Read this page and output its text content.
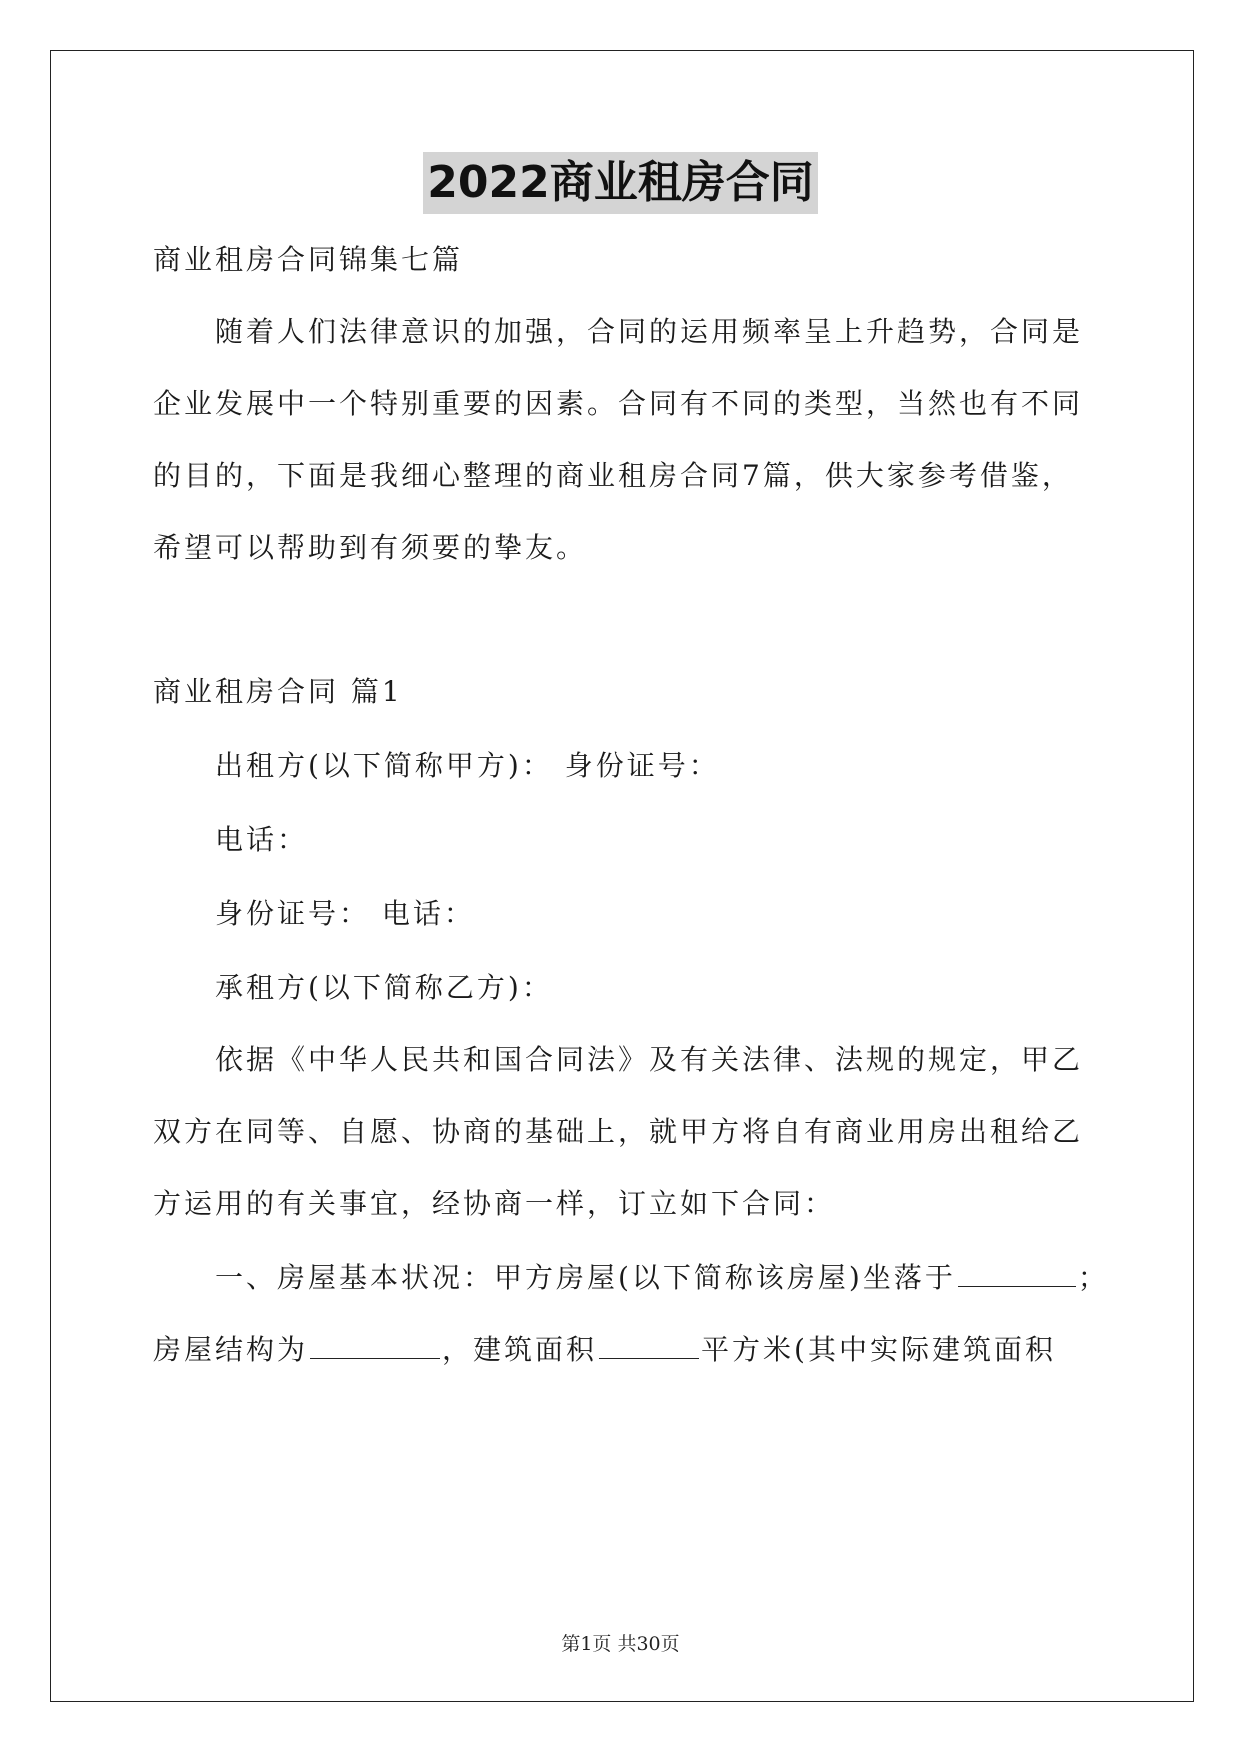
2022商业租房合同
商业租房合同锦集七篇
随着人们法律意识的加强，合同的运用频率呈上升趋势，合同是
企业发展中一个特别重要的因素。合同有不同的类型，当然也有不同
的目的，下面是我细心整理的商业租房合同7篇，供大家参考借鉴，
希望可以帮助到有须要的挚友。
商业租房合同 篇1
出租方(以下简称甲方)： 身份证号：
电话：
身份证号： 电话：
承租方(以下简称乙方)：
依据《中华人民共和国合同法》及有关法律、法规的规定，甲乙
双方在同等、自愿、协商的基础上，就甲方将自有商业用房出租给乙
方运用的有关事宜，经协商一样，订立如下合同：
一、房屋基本状况：甲方房屋(以下简称该房屋)坐落于	；
房屋结构为	，建筑面积	平方米(其中实际建筑面积
第1页 共30页
